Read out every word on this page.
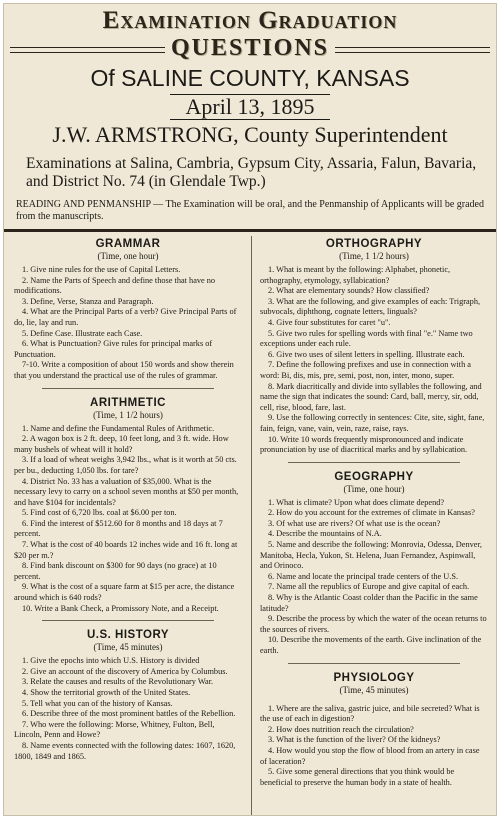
Examination Graduation
QUESTIONS
Of SALINE COUNTY, KANSAS
April 13, 1895
J.W. ARMSTRONG, County Superintendent
Examinations at Salina, Cambria, Gypsum City, Assaria, Falun, Bavaria, and District No. 74 (in Glendale Twp.)
READING AND PENMANSHIP — The Examination will be oral, and the Penmanship of Applicants will be graded from the manuscripts.
GRAMMAR
(Time, one hour)
1. Give nine rules for the use of Capital Letters.
2. Name the Parts of Speech and define those that have no modifications.
3. Define, Verse, Stanza and Paragraph.
4. What are the Principal Parts of a verb? Give Principal Parts of do, lie, lay and run.
5. Define Case. Illustrate each Case.
6. What is Punctuation? Give rules for principal marks of Punctuation.
7-10. Write a composition of about 150 words and show therein that you understand the practical use of the rules of grammar.
ARITHMETIC
(Time, 1 1/2 hours)
1. Name and define the Fundamental Rules of Arithmetic.
2. A wagon box is 2 ft. deep, 10 feet long, and 3 ft. wide. How many bushels of wheat will it hold?
3. If a load of wheat weighs 3,942 lbs., what is it worth at 50 cts. per bu., deducting 1,050 lbs. for tare?
4. District No. 33 has a valuation of $35,000. What is the necessary levy to carry on a school seven months at $50 per month, and have $104 for incidentals?
5. Find cost of 6,720 lbs. coal at $6.00 per ton.
6. Find the interest of $512.60 for 8 months and 18 days at 7 percent.
7. What is the cost of 40 boards 12 inches wide and 16 ft. long at $20 per m.?
8. Find bank discount on $300 for 90 days (no grace) at 10 percent.
9. What is the cost of a square farm at $15 per acre, the distance around which is 640 rods?
10. Write a Bank Check, a Promissory Note, and a Receipt.
U.S. HISTORY
(Time, 45 minutes)
1. Give the epochs into which U.S. History is divided
2. Give an account of the discovery of America by Columbus.
3. Relate the causes and results of the Revolutionary War.
4. Show the territorial growth of the United States.
5. Tell what you can of the history of Kansas.
6. Describe three of the most prominent battles of the Rebellion.
7. Who were the following: Morse, Whitney, Fulton, Bell, Lincoln, Penn and Howe?
8. Name events connected with the following dates: 1607, 1620, 1800, 1849 and 1865.
ORTHOGRAPHY
(Time, 1 1/2 hours)
1. What is meant by the following: Alphabet, phonetic, orthography, etymology, syllabication?
2. What are elementary sounds? How classified?
3. What are the following, and give examples of each: Trigraph, subvocals, diphthong, cognate letters, linguals?
4. Give four substitutes for caret "u".
5. Give two rules for spelling words with final "e." Name two exceptions under each rule.
6. Give two uses of silent letters in spelling. Illustrate each.
7. Define the following prefixes and use in connection with a word: Bi, dis, mis, pre, semi, post, non, inter, mono, super.
8. Mark diacritically and divide into syllables the following, and name the sign that indicates the sound: Card, ball, mercy, sir, odd, cell, rise, blood, fare, last.
9. Use the following correctly in sentences: Cite, site, sight, fane, fain, feign, vane, vain, vein, raze, raise, rays.
10. Write 10 words frequently mispronounced and indicate pronunciation by use of diacritical marks and by syllabication.
GEOGRAPHY
(Time, one hour)
1. What is climate? Upon what does climate depend?
2. How do you account for the extremes of climate in Kansas?
3. Of what use are rivers? Of what use is the ocean?
4. Describe the mountains of N.A.
5. Name and describe the following: Monrovia, Odessa, Denver, Manitoba, Hecla, Yukon, St. Helena, Juan Fernandez, Aspinwall, and Orinoco.
6. Name and locate the principal trade centers of the U.S.
7. Name all the republics of Europe and give capital of each.
8. Why is the Atlantic Coast colder than the Pacific in the same latitude?
9. Describe the process by which the water of the ocean returns to the sources of rivers.
10. Describe the movements of the earth. Give inclination of the earth.
PHYSIOLOGY
(Time, 45 minutes)
1. Where are the saliva, gastric juice, and bile secreted? What is the use of each in digestion?
2. How does nutrition reach the circulation?
3. What is the function of the liver? Of the kidneys?
4. How would you stop the flow of blood from an artery in case of laceration?
5. Give some general directions that you think would be beneficial to preserve the human body in a state of health.
